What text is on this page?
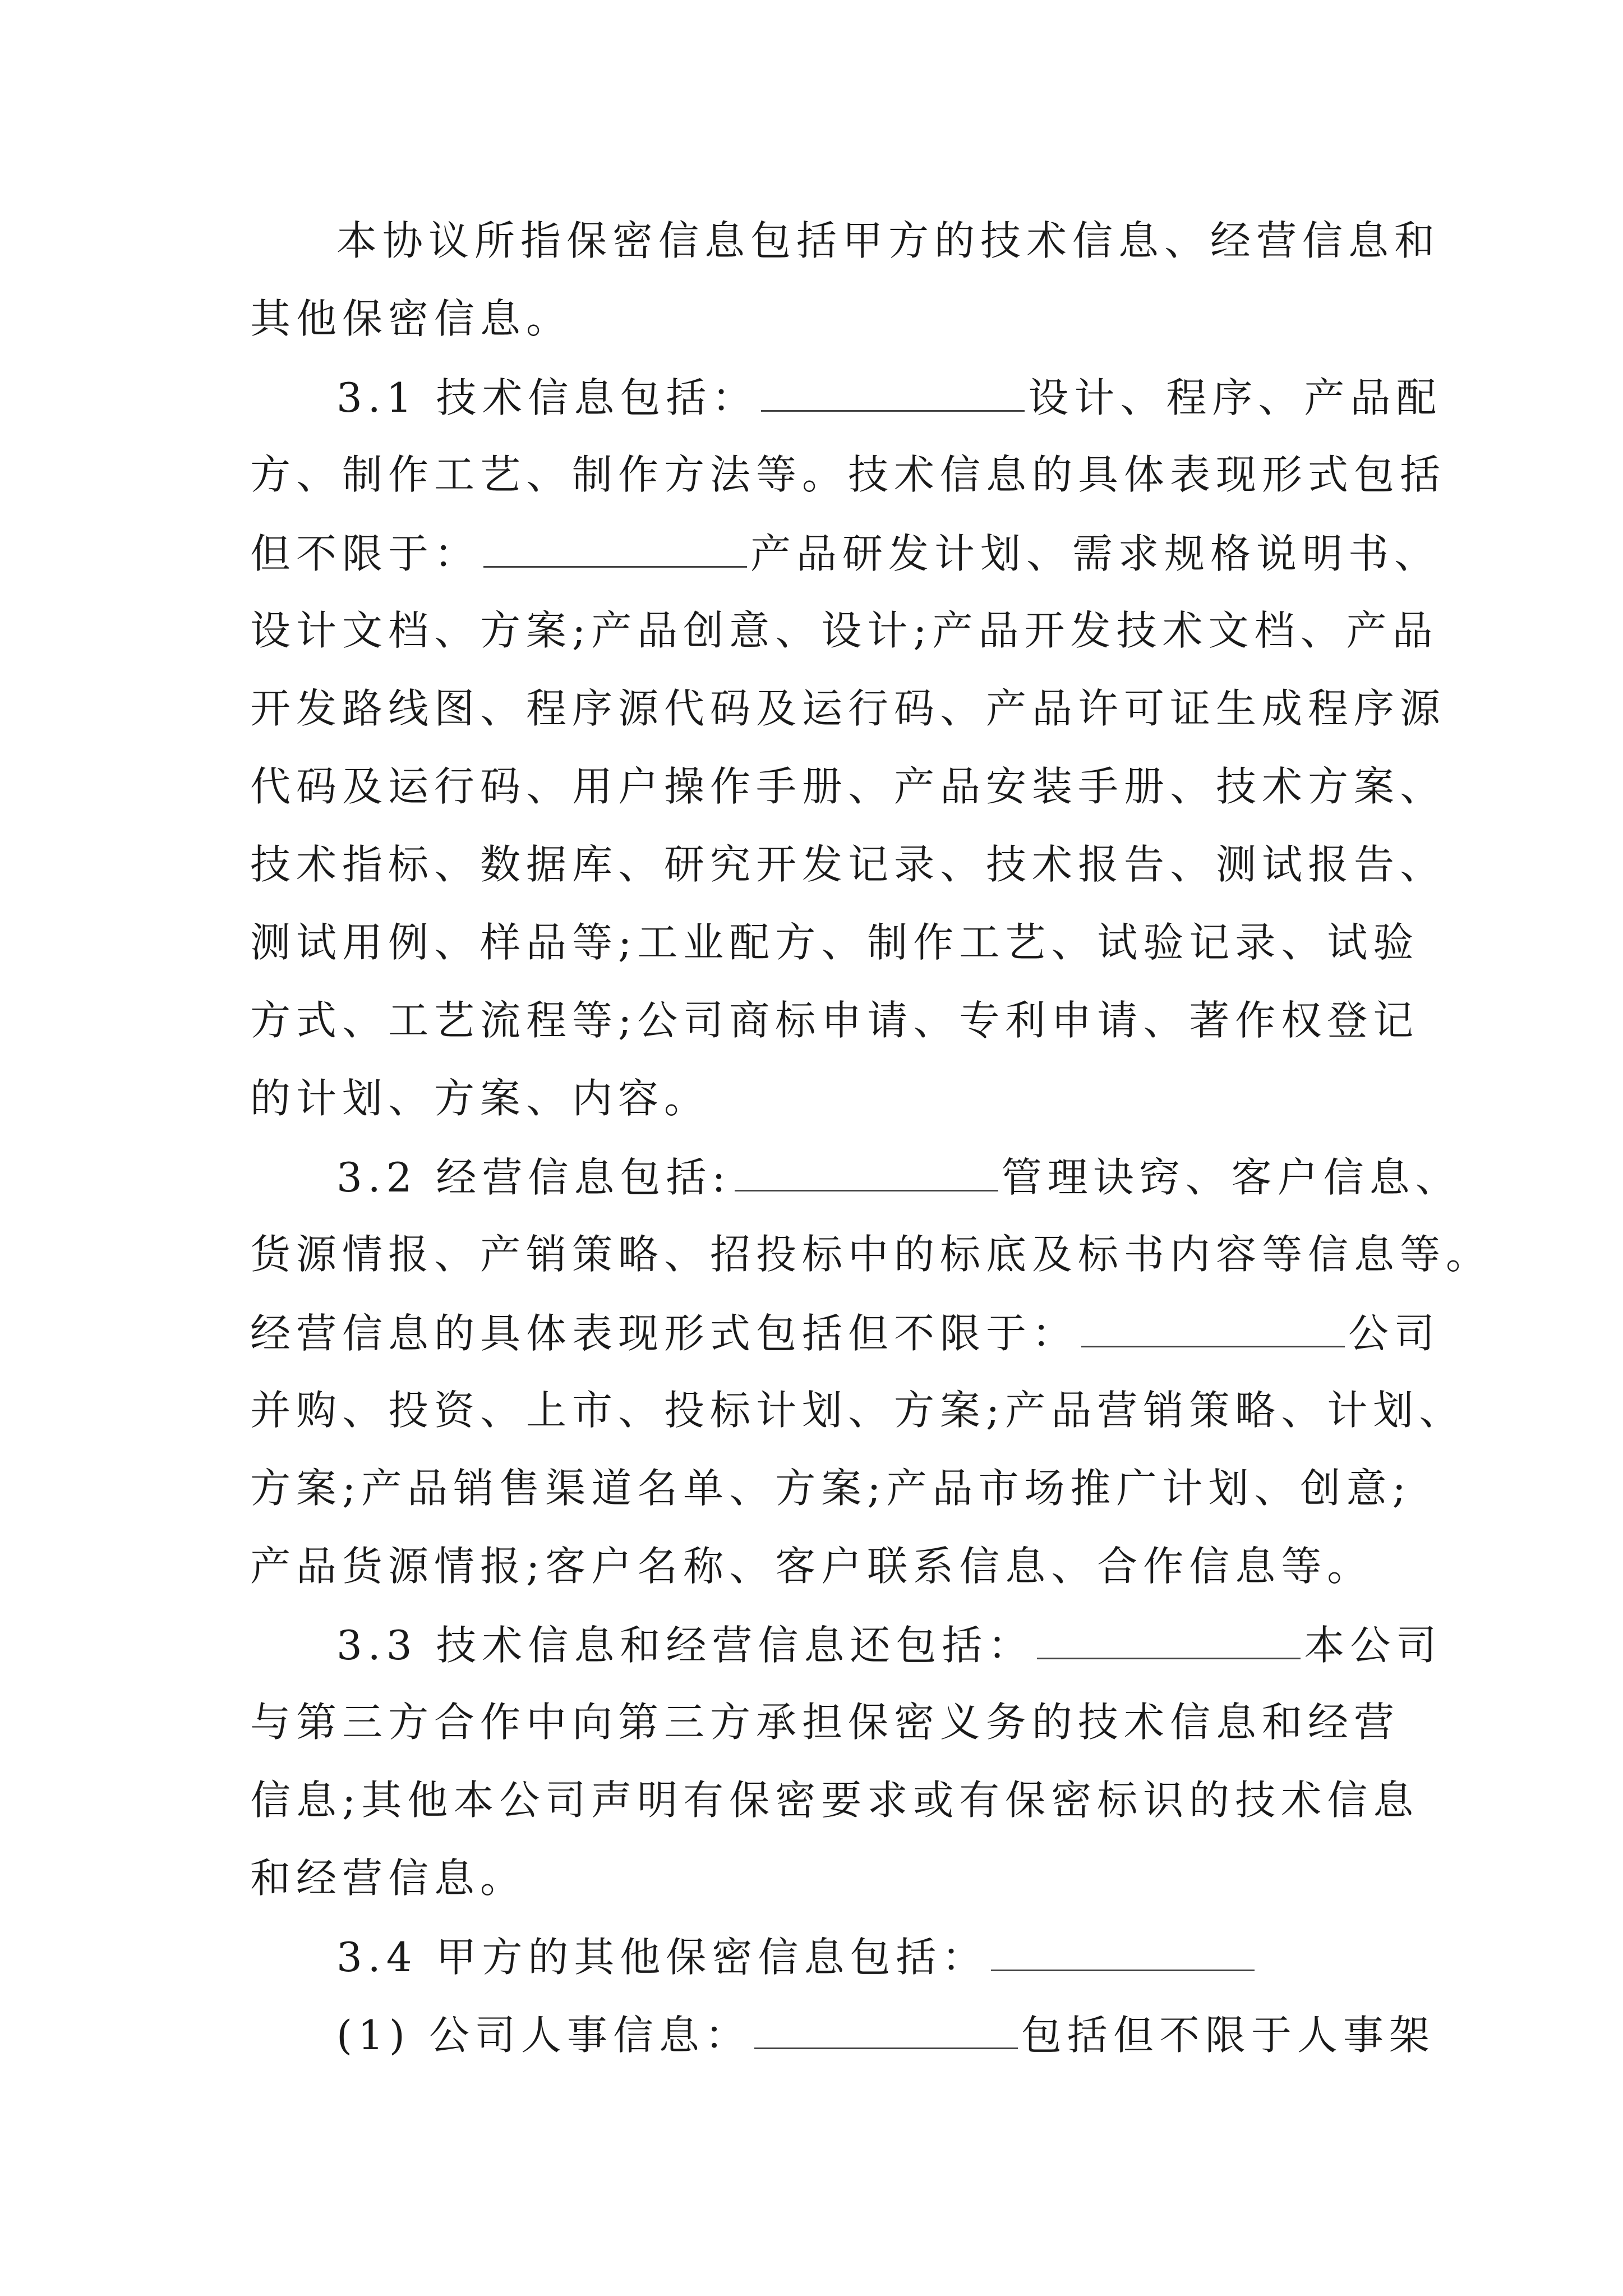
本协议所指保密信息包括甲方的技术信息、经营信息和
其他保密信息。
3.1 技术信息包括：	设计、程序、产品配
方、制作工艺、制作方法等。技术信息的具体表现形式包括
但不限于：	产品研发计划、需求规格说明书、
设计文档、方案;产品创意、设计;产品开发技术文档、产品
开发路线图、程序源代码及运行码、产品许可证生成程序源
代码及运行码、用户操作手册、产品安装手册、技术方案、
技术指标、数据库、研究开发记录、技术报告、测试报告、
测试用例、样品等;工业配方、制作工艺、试验记录、试验
方式、工艺流程等;公司商标申请、专利申请、著作权登记
的计划、方案、内容。
3.2 经营信息包括:	管理诀窍、客户信息、
货源情报、产销策略、招投标中的标底及标书内容等信息等。
经营信息的具体表现形式包括但不限于：	公司
并购、投资、上市、投标计划、方案;产品营销策略、计划、
方案;产品销售渠道名单、方案;产品市场推广计划、创意;
产品货源情报;客户名称、客户联系信息、合作信息等。
3.3 技术信息和经营信息还包括：	本公司
与第三方合作中向第三方承担保密义务的技术信息和经营
信息;其他本公司声明有保密要求或有保密标识的技术信息
和经营信息。
3.4 甲方的其他保密信息包括：
(1) 公司人事信息：	包括但不限于人事架
